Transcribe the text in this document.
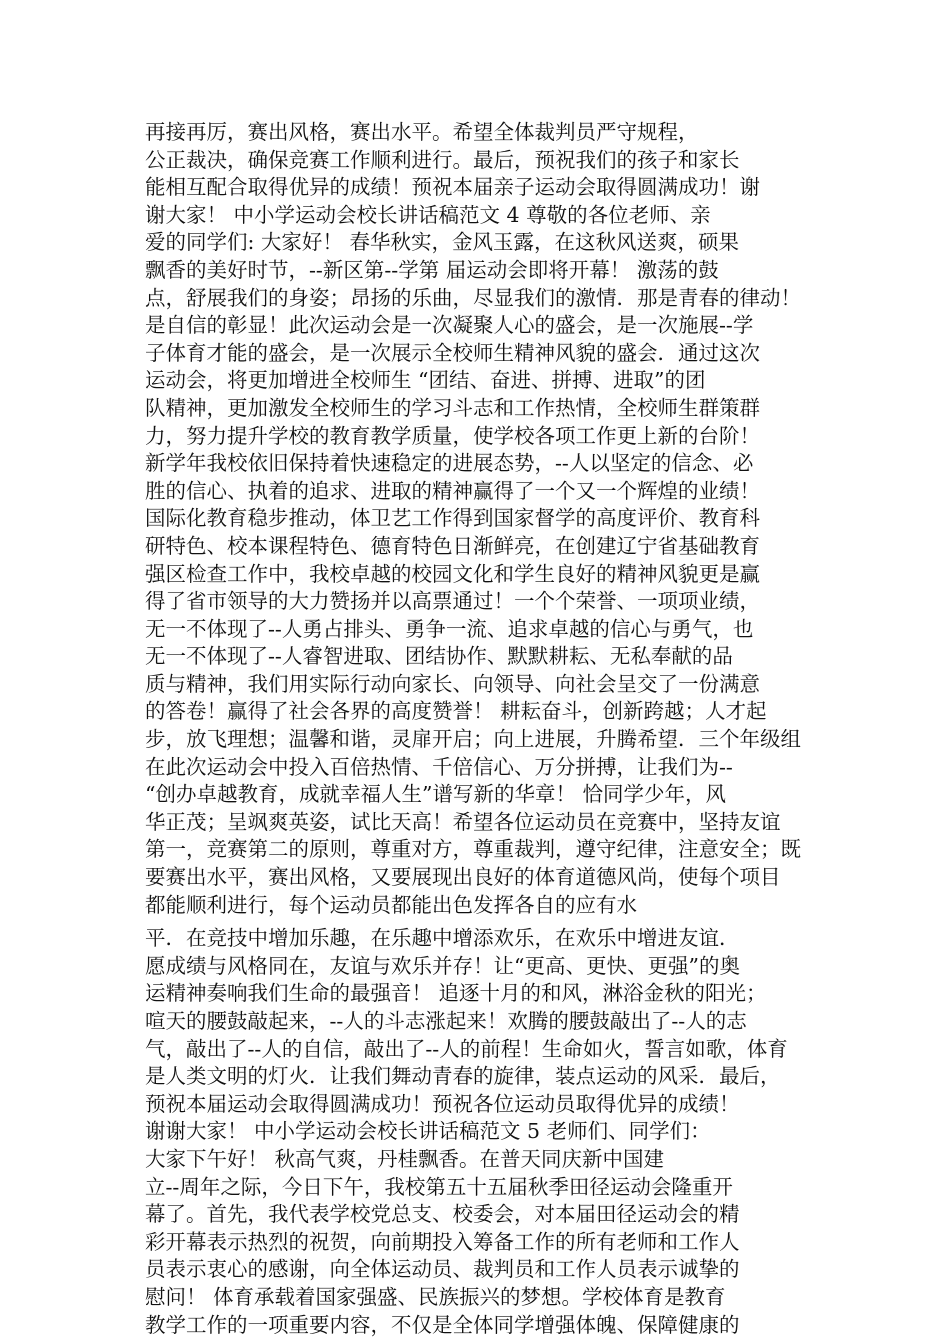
再接再厉，赛出风格，赛出水平。希望全体裁判员严守规程，
公正裁决，确保竞赛工作顺利进行。最后，预祝我们的孩子和家长
能相互配合取得优异的成绩！预祝本届亲子运动会取得圆满成功！谢
谢大家！ 中小学运动会校长讲话稿范文 4 尊敬的各位老师、亲
爱的同学们: 大家好！ 春华秋实，金风玉露，在这秋风送爽，硕果
飘香的美好时节，--新区第--学第 届运动会即将开幕！ 激荡的鼓
点，舒展我们的身姿；昂扬的乐曲，尽显我们的激情．那是青春的律动！
是自信的彰显！此次运动会是一次凝聚人心的盛会，是一次施展--学
子体育才能的盛会，是一次展示全校师生精神风貌的盛会．通过这次
运动会，将更加增进全校师生 “团结、奋进、拼搏、进取”的团
队精神，更加激发全校师生的学习斗志和工作热情，全校师生群策群
力，努力提升学校的教育教学质量，使学校各项工作更上新的台阶！
新学年我校依旧保持着快速稳定的进展态势，--人以坚定的信念、必
胜的信心、执着的追求、进取的精神赢得了一个又一个辉煌的业绩！
国际化教育稳步推动，体卫艺工作得到国家督学的高度评价、教育科
研特色、校本课程特色、德育特色日渐鲜亮，在创建辽宁省基础教育
强区检查工作中，我校卓越的校园文化和学生良好的精神风貌更是赢
得了省市领导的大力赞扬并以高票通过！一个个荣誉、一项项业绩，
无一不体现了--人勇占排头、勇争一流、追求卓越的信心与勇气，也
无一不体现了--人睿智进取、团结协作、默默耕耘、无私奉献的品
质与精神，我们用实际行动向家长、向领导、向社会呈交了一份满意
的答卷！赢得了社会各界的高度赞誉！ 耕耘奋斗，创新跨越；人才起
步，放飞理想；温馨和谐，灵扉开启；向上进展，升腾希望．三个年级组
在此次运动会中投入百倍热情、千倍信心、万分拼搏，让我们为--
“创办卓越教育，成就幸福人生”谱写新的华章！ 恰同学少年，风
华正茂；呈飒爽英姿，试比天高！希望各位运动员在竞赛中，坚持友谊
第一，竞赛第二的原则，尊重对方，尊重裁判，遵守纪律，注意安全；既
要赛出水平，赛出风格，又要展现出良好的体育道德风尚，使每个项目
都能顺利进行，每个运动员都能出色发挥各自的应有水
平．在竞技中增加乐趣，在乐趣中增添欢乐，在欢乐中增进友谊．
愿成绩与风格同在，友谊与欢乐并存！让“更高、更快、更强”的奥
运精神奏响我们生命的最强音！ 追逐十月的和风，淋浴金秋的阳光；
喧天的腰鼓敲起来，--人的斗志涨起来！欢腾的腰鼓敲出了--人的志
气，敲出了--人的自信，敲出了--人的前程！生命如火，誓言如歌，体育
是人类文明的灯火．让我们舞动青春的旋律，装点运动的风采．最后，
预祝本届运动会取得圆满成功！预祝各位运动员取得优异的成绩！
谢谢大家！ 中小学运动会校长讲话稿范文 5 老师们、同学们：
大家下午好！ 秋高气爽，丹桂飘香。在普天同庆新中国建
立--周年之际，今日下午，我校第五十五届秋季田径运动会隆重开
幕了。首先，我代表学校党总支、校委会，对本届田径运动会的精
彩开幕表示热烈的祝贺，向前期投入筹备工作的所有老师和工作人
员表示衷心的感谢，向全体运动员、裁判员和工作人员表示诚挚的
慰问！ 体育承载着国家强盛、民族振兴的梦想。学校体育是教育
教学工作的一项重要内容，不仅是全体同学增强体魄、保障健康的
